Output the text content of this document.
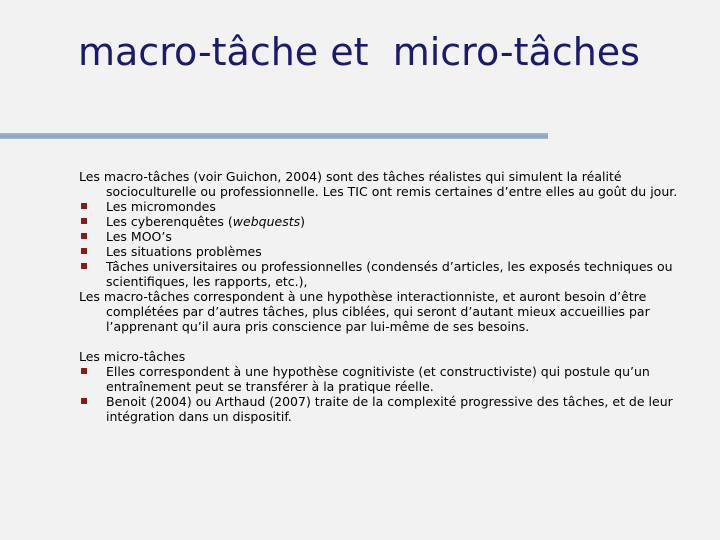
macro-tâche et  micro-tâches

Les macro-tâches (voir Guichon, 2004) sont des tâches réalistes qui simulent la réalité socioculturelle ou professionnelle. Les TIC ont remis certaines d’entre elles au goût du jour.

Les micromondes

Les cyberenquêtes (webquests)

Les MOO’s

Les situations problèmes

Tâches universitaires ou professionnelles (condensés d’articles, les exposés techniques ou scientifiques, les rapports, etc.),

Les macro-tâches correspondent à une hypothèse interactionniste, et auront besoin d’être complétées par d’autres tâches, plus ciblées, qui seront d’autant mieux accueillies par l’apprenant qu’il aura pris conscience par lui-même de ses besoins.

Les micro-tâches

Elles correspondent à une hypothèse cognitiviste (et constructiviste) qui postule qu’un entraînement peut se transférer à la pratique réelle.

Benoit (2004) ou Arthaud (2007) traite de la complexité progressive des tâches, et de leur intégration dans un dispositif.
